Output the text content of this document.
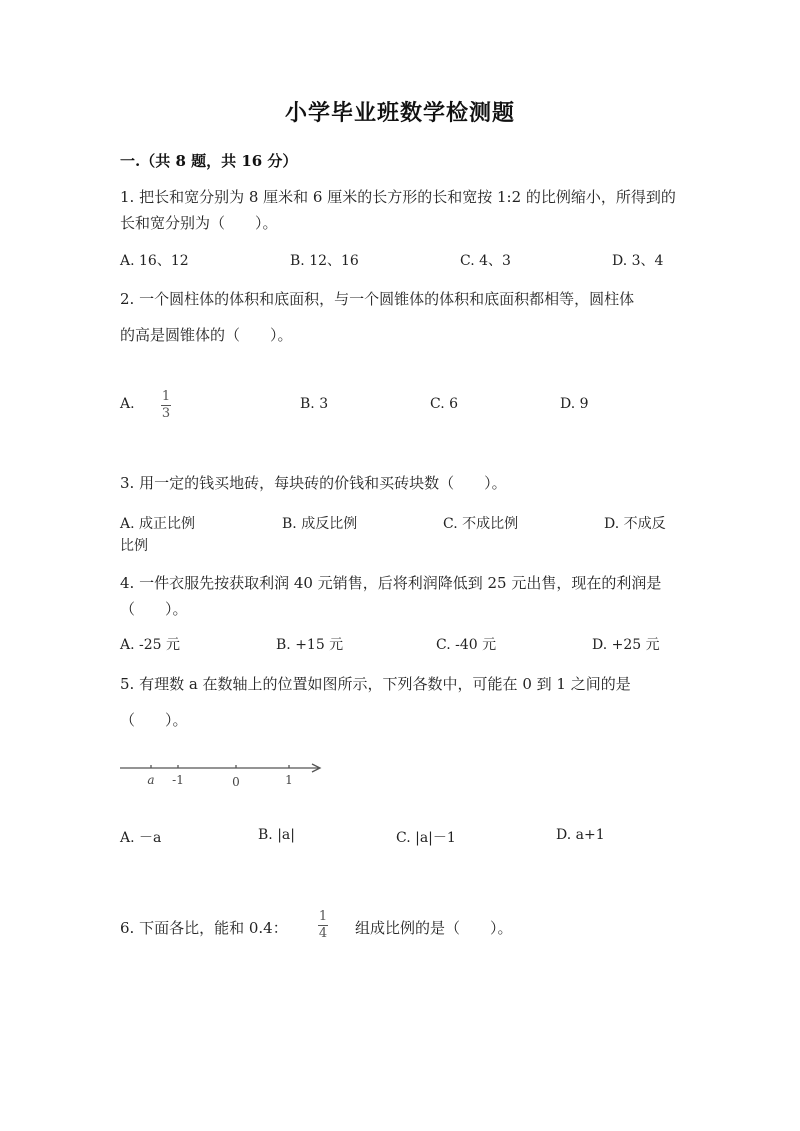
小学毕业班数学检测题
一.（共 8 题，共 16 分）
1. 把长和宽分别为 8 厘米和 6 厘米的长方形的长和宽按 1:2 的比例缩小，所得到的长和宽分别为（　　）。
A. 16、12	B. 12、16	C. 4、3	D. 3、4
2. 一个圆柱体的体积和底面积，与一个圆锥体的体积和底面积都相等，圆柱体
的高是圆锥体的（　　）。
A. 1
3
B. 3	C. 6	D. 9
3. 用一定的钱买地砖，每块砖的价钱和买砖块数（　　）。
A. 成正比例	B. 成反比例	C. 不成比例	D. 不成反
比例
4. 一件衣服先按获取利润 40 元销售，后将利润降低到 25 元出售，现在的利润是（　　）。
A. -25 元	B. +15 元	C. -40 元	D. +25 元
5. 有理数 a 在数轴上的位置如图所示，下列各数中，可能在 0 到 1 之间的是
（　　）。
a -1	0	1
A. －a	B. |a|	C. |a|－1	D. a+1
6. 下面各比，能和 0.4：
1
4 组成比例的是（　　）。
